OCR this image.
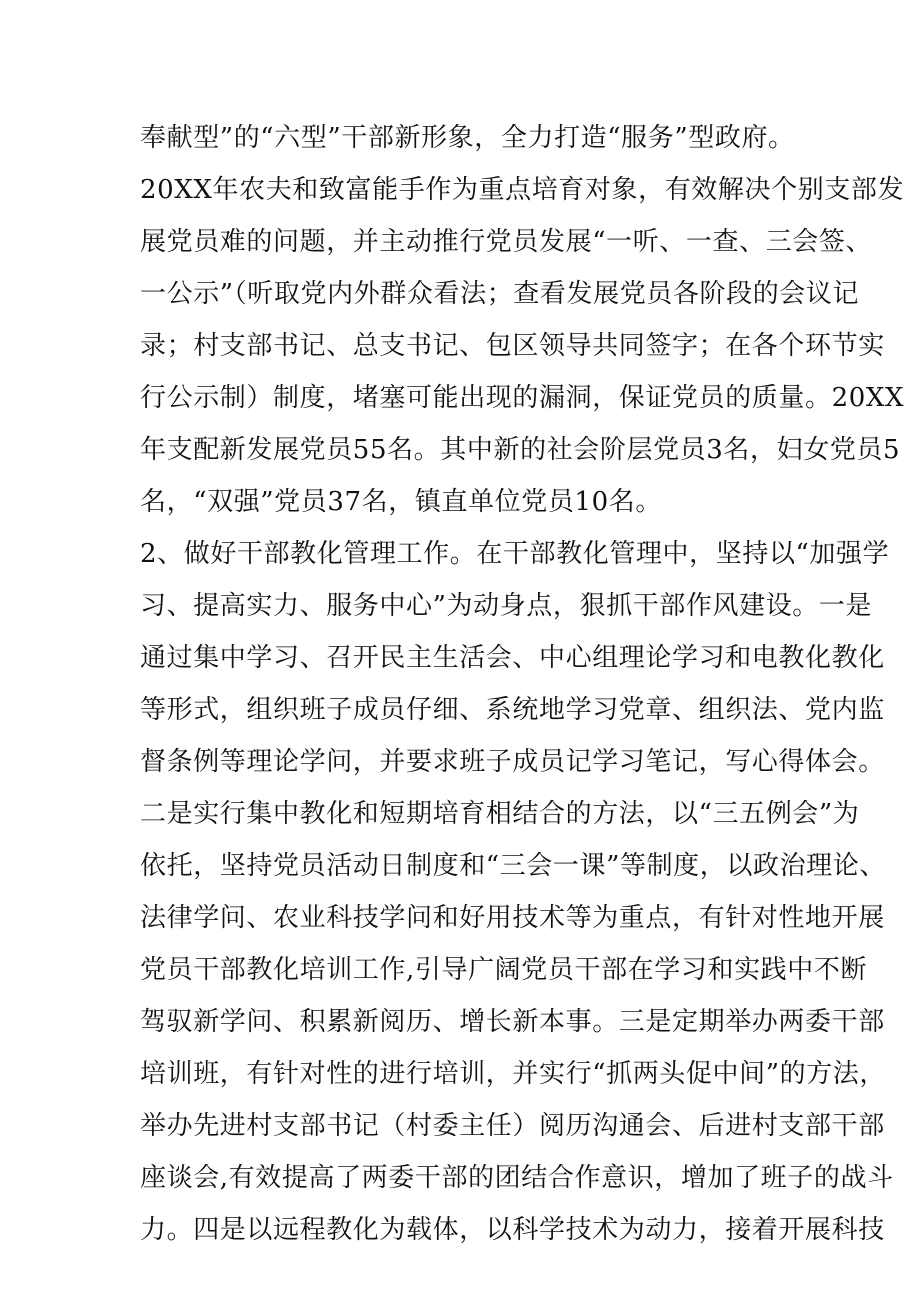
奉献型”的“六型”干部新形象，全力打造“服务”型政府。
20XX年农夫和致富能手作为重点培育对象，有效解决个别支部发
展党员难的问题，并主动推行党员发展“一听、一查、三会签、
一公示”（听取党内外群众看法；查看发展党员各阶段的会议记
录；村支部书记、总支书记、包区领导共同签字；在各个环节实
行公示制）制度，堵塞可能出现的漏洞，保证党员的质量。20XX
年支配新发展党员55名。其中新的社会阶层党员3名，妇女党员5
名，“双强”党员37名，镇直单位党员10名。
2、做好干部教化管理工作。在干部教化管理中，坚持以“加强学
习、提高实力、服务中心”为动身点，狠抓干部作风建设。一是
通过集中学习、召开民主生活会、中心组理论学习和电教化教化
等形式，组织班子成员仔细、系统地学习党章、组织法、党内监
督条例等理论学问，并要求班子成员记学习笔记，写心得体会。
二是实行集中教化和短期培育相结合的方法，以“三五例会”为
依托，坚持党员活动日制度和“三会一课”等制度，以政治理论、
法律学问、农业科技学问和好用技术等为重点，有针对性地开展
党员干部教化培训工作,引导广阔党员干部在学习和实践中不断
驾驭新学问、积累新阅历、增长新本事。三是定期举办两委干部
培训班，有针对性的进行培训，并实行“抓两头促中间”的方法，
举办先进村支部书记（村委主任）阅历沟通会、后进村支部干部
座谈会,有效提高了两委干部的团结合作意识，增加了班子的战斗
力。四是以远程教化为载体，以科学技术为动力，接着开展科技
